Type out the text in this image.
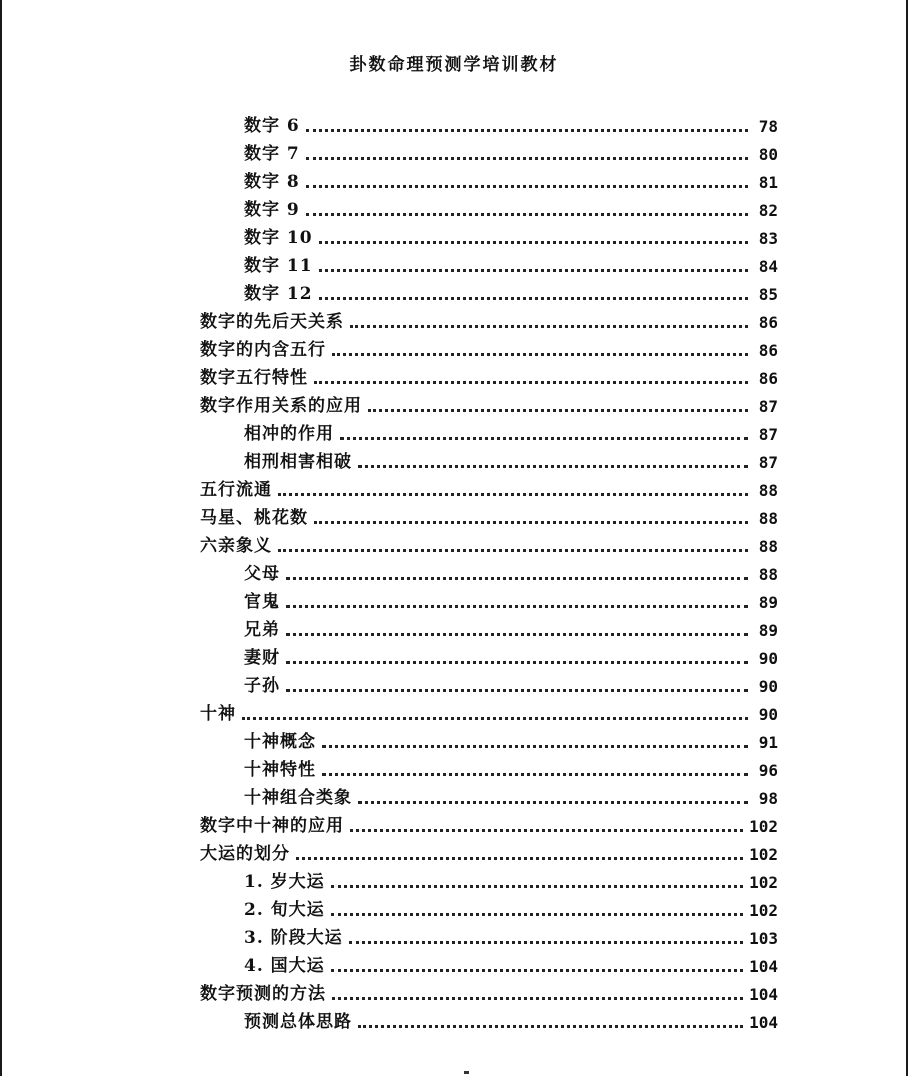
卦数命理预测学培训教材
数字 6	78
数字 7	80
数字 8	81
数字 9	82
数字 10	83
数字 11	84
数字 12	85
数字的先后天关系	86
数字的内含五行	86
数字五行特性	86
数字作用关系的应用	87
相冲的作用	87
相刑相害相破	87
五行流通	88
马星、桃花数	88
六亲象义	88
父母	88
官鬼	89
兄弟	89
妻财	90
子孙	90
十神	90
十神概念	91
十神特性	96
十神组合类象	98
数字中十神的应用	102
大运的划分	102
1. 岁大运	102
2. 旬大运	102
3. 阶段大运	103
4. 国大运	104
数字预测的方法	104
预测总体思路	104
